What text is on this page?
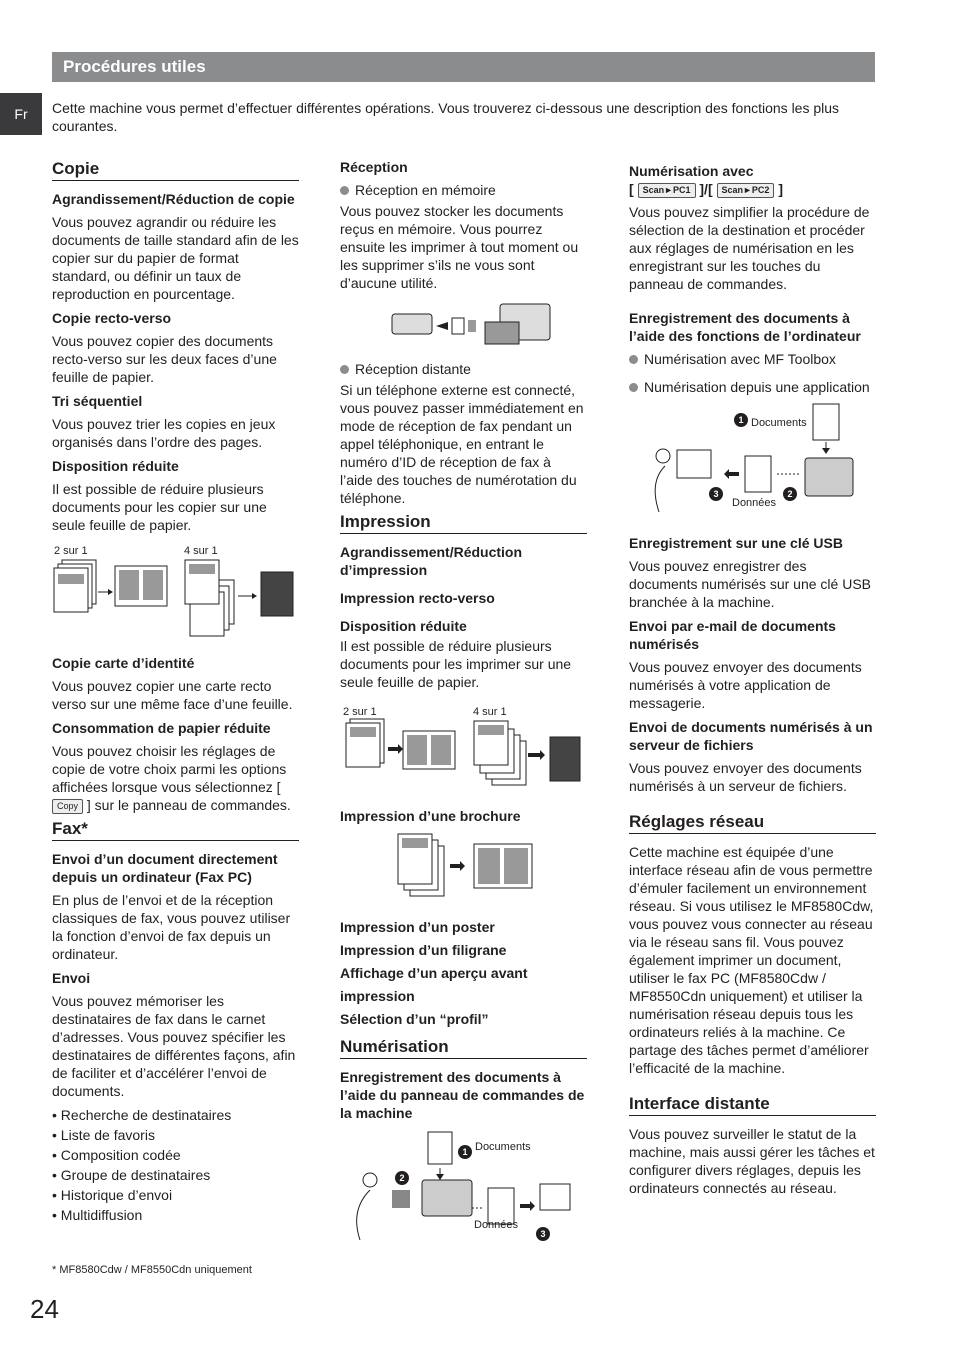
Procédures utiles
Fr	Cette machine vous permet d’effectuer différentes opérations. Vous trouverez ci-dessous une description des fonctions les plus courantes.
Copie
Agrandissement/Réduction de copie

Vous pouvez agrandir ou réduire les documents de taille standard afin de les copier sur du papier de format standard, ou définir un taux de reproduction en pourcentage.

Copie recto-verso

Vous pouvez copier des documents recto-verso sur les deux faces d’une feuille de papier.

Tri séquentiel

Vous pouvez trier les copies en jeux organisés dans l’ordre des pages.

Disposition réduite

Il est possible de réduire plusieurs documents pour les copier sur une seule feuille de papier.

2 sur 1	4 sur 1
Copie carte d’identité

Vous pouvez copier une carte recto verso sur une même face d’une feuille.

Consommation de papier réduite

Vous pouvez choisir les réglages de copie de votre choix parmi les options affichées lorsque vous sélectionnez [ Copy ] sur le panneau de commandes.

Fax*
Envoi d’un document directement depuis un ordinateur (Fax PC)

En plus de l’envoi et de la réception classiques de fax, vous pouvez utiliser la fonction d’envoi de fax depuis un ordinateur.

Envoi

Vous pouvez mémoriser les destinataires de fax dans le carnet d’adresses. Vous pouvez spécifier les destinataires de différentes façons, afin de faciliter et d’accélérer l’envoi de documents.

• Recherche de destinataires
• Liste de favoris
• Composition codée
• Groupe de destinataires
• Historique d’envoi
• Multidiffusion
* MF8580Cdw / MF8550Cdn uniquement
Réception
Réception en mémoire

Vous pouvez stocker les documents reçus en mémoire. Vous pourrez ensuite les imprimer à tout moment ou les supprimer s’ils ne vous sont d’aucune utilité.

Réception distante

Si un téléphone externe est connecté, vous pouvez passer immédiatement en mode de réception de fax pendant un appel téléphonique, en entrant le numéro d’ID de réception de fax à l’aide des touches de numérotation du téléphone.

Impression
Agrandissement/Réduction d’impression
Impression recto-verso
Disposition réduite

Il est possible de réduire plusieurs documents pour les imprimer sur une seule feuille de papier.

2 sur 1	4 sur 1
Impression d’une brochure
Impression d’un poster
Impression d’un filigrane
Affichage d’un aperçu avant
impression
Sélection d’un “profil”
Numérisation
Enregistrement des documents à l’aide du panneau de commandes de la machine
1
2
3
Documents
Données
Numérisation avec
[ Scan►PC1 ]/[ Scan►PC2 ]

Vous pouvez simplifier la procédure de sélection de la destination et procéder aux réglages de numérisation en les enregistrant sur les touches du panneau de commandes.

Enregistrement des documents à l’aide des fonctions de l’ordinateur
Numérisation avec MF Toolbox
Numérisation depuis une application
1
2
3
Documents
Données
Enregistrement sur une clé USB

Vous pouvez enregistrer des documents numérisés sur une clé USB branchée à la machine.

Envoi par e-mail de documents numérisés

Vous pouvez envoyer des documents numérisés à votre application de messagerie.

Envoi de documents numérisés à un serveur de fichiers

Vous pouvez envoyer des documents numérisés à un serveur de fichiers.

Réglages réseau

Cette machine est équipée d’une interface réseau afin de vous permettre d’émuler facilement un environnement réseau. Si vous utilisez le MF8580Cdw, vous pouvez vous connecter au réseau via le réseau sans fil. Vous pouvez également imprimer un document, utiliser le fax PC (MF8580Cdw / MF8550Cdn uniquement) et utiliser la numérisation réseau depuis tous les ordinateurs reliés à la machine. Ce partage des tâches permet d’améliorer l’efficacité de la machine.

Interface distante

Vous pouvez surveiller le statut de la machine, mais aussi gérer les tâches et configurer divers réglages, depuis les ordinateurs connectés au réseau.

24
